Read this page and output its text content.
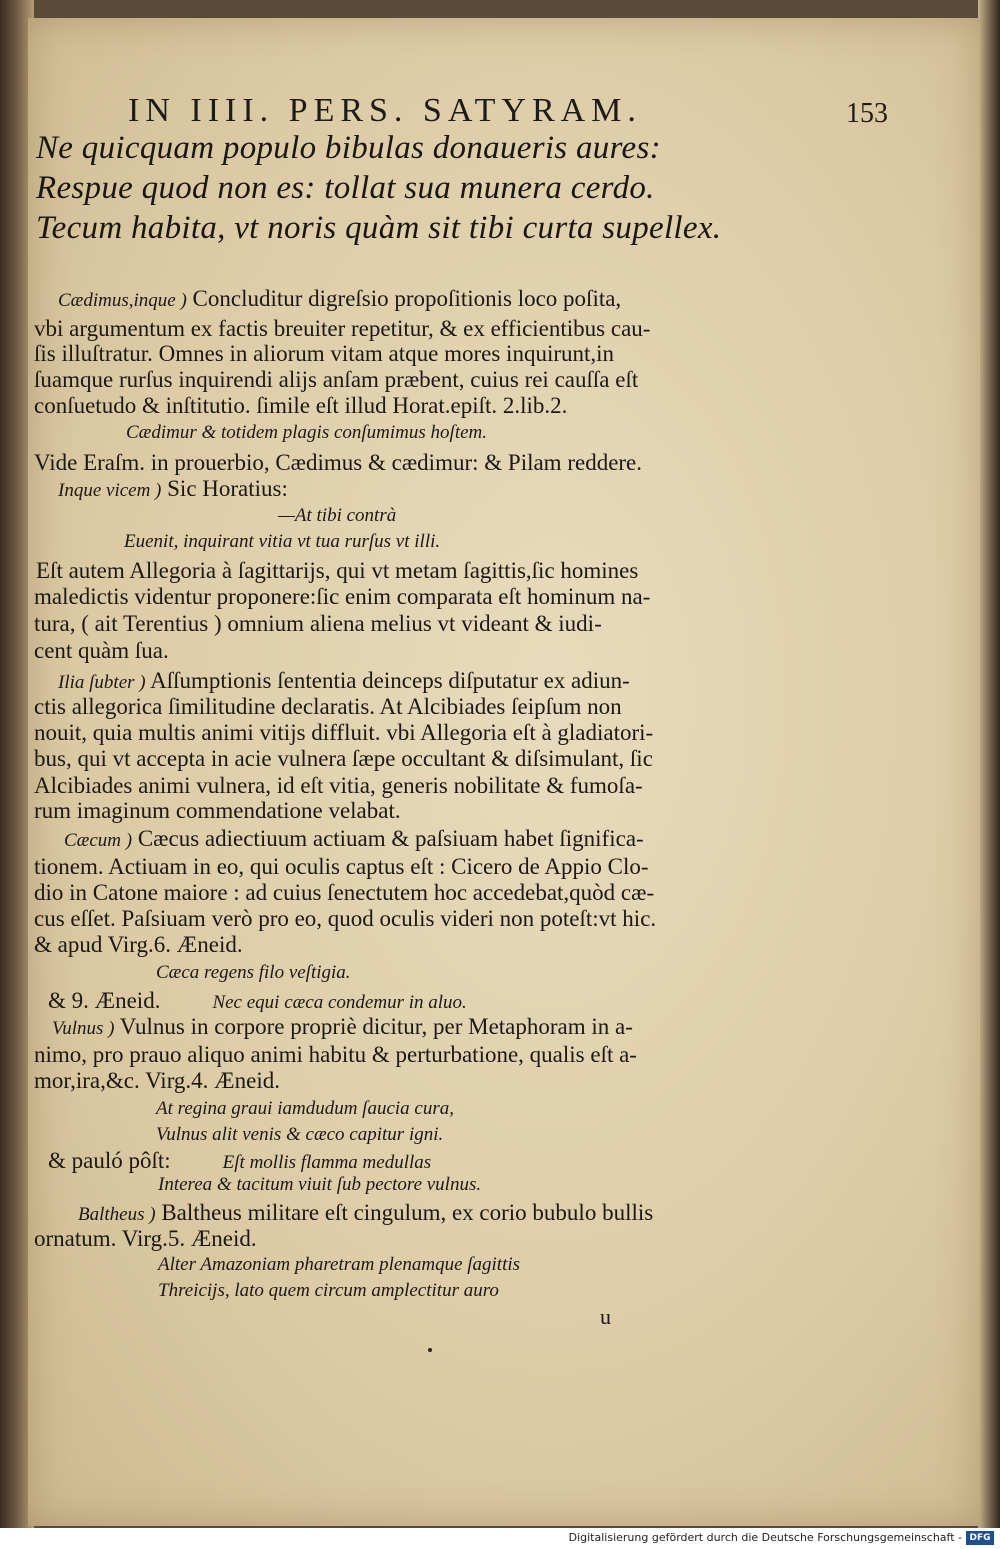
IN IIII. PERS. SATYRAM.	153
Ne quicquam populo bibulas donaueris aures:
Respue quod non es: tollat sua munera cerdo.
Tecum habita, vt noris quàm sit tibi curta supellex.
Cædimus,inque ) Concluditur digreſsio propoſitionis loco poſita,
vbi argumentum ex factis breuiter repetitur, & ex efficientibus cau-
ſis illuſtratur. Omnes in aliorum vitam atque mores inquirunt,in
ſuamque rurſus inquirendi alijs anſam præbent, cuius rei cauſſa eſt
conſuetudo & inſtitutio. ſimile eſt illud Horat.epiſt. 2.lib.2.
Cædimur & totidem plagis conſumimus hoſtem.
Vide Eraſm. in prouerbio, Cædimus & cædimur: & Pilam reddere.
Inque vicem ) Sic Horatius:
—At tibi contrà
Euenit, inquirant vitia vt tua rurſus vt illi.
Eſt autem Allegoria à ſagittarijs, qui vt metam ſagittis,ſic homines
maledictis videntur proponere:ſic enim comparata eſt hominum na-
tura, ( ait Terentius ) omnium aliena melius vt videant & iudi-
cent quàm ſua.
Ilia ſubter ) Aſſumptionis ſententia deinceps diſputatur ex adiun-
ctis allegorica ſimilitudine declaratis. At Alcibiades ſeipſum non
nouit, quia multis animi vitijs diffluit. vbi Allegoria eſt à gladiatori-
bus, qui vt accepta in acie vulnera ſæpe occultant & diſsimulant, ſic
Alcibiades animi vulnera, id eſt vitia, generis nobilitate & fumoſa-
rum imaginum commendatione velabat.
Cæcum ) Cæcus adiectiuum actiuam & paſsiuam habet ſignifica-
tionem. Actiuam in eo, qui oculis captus eſt : Cicero de Appio Clo-
dio in Catone maiore : ad cuius ſenectutem hoc accedebat,quòd cæ-
cus eſſet. Paſsiuam verò pro eo, quod oculis videri non poteſt:vt hic.
& apud Virg.6. Æneid.
Cæca regens filo veſtigia.
& 9. Æneid.	Nec equi cæca condemur in aluo.
Vulnus ) Vulnus in corpore propriè dicitur, per Metaphoram in a-
nimo, pro prauo aliquo animi habitu & perturbatione, qualis eſt a-
mor,ira,&c. Virg.4. Æneid.
At regina graui iamdudum ſaucia cura,
Vulnus alit venis & cæco capitur igni.
& pauló pôſt:	Eſt mollis flamma medullas
Interea & tacitum viuit ſub pectore vulnus.
Baltheus ) Baltheus militare eſt cingulum, ex corio bubulo bullis
ornatum. Virg.5. Æneid.
Alter Amazoniam pharetram plenamque ſagittis
Threicijs, lato quem circum amplectitur auro
u
Digitalisierung gefördert durch die Deutsche Forschungsgemeinschaft - DFG
